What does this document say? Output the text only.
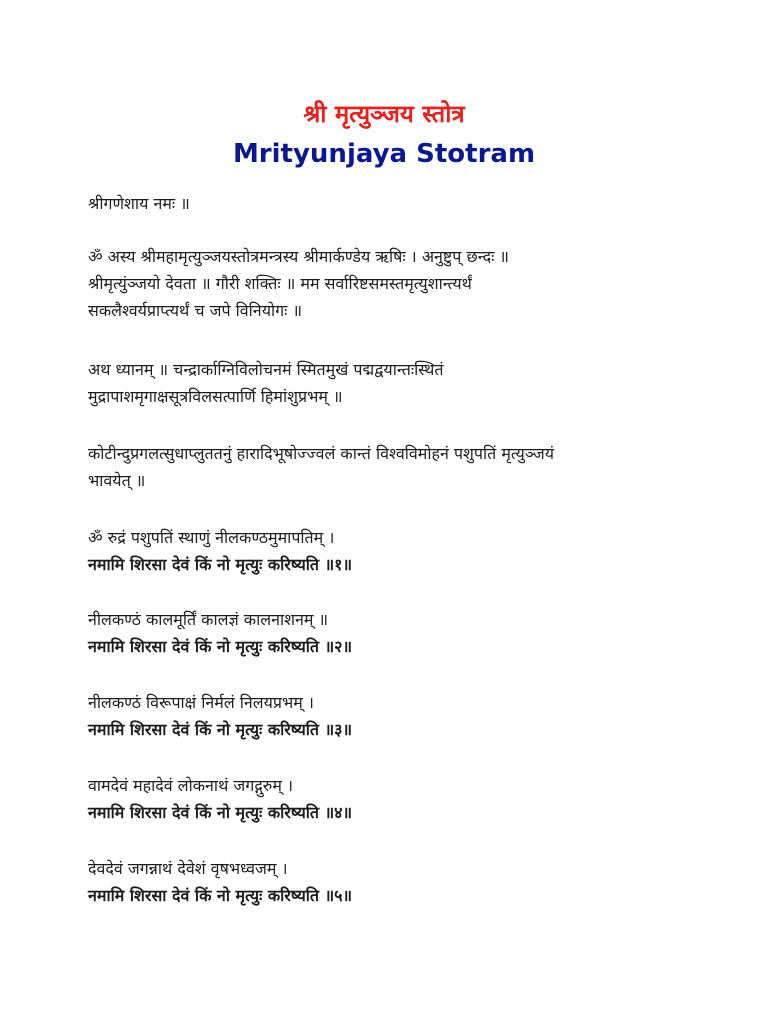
श्री मृत्युञ्जय स्तोत्र
Mrityunjaya Stotram

श्रीगणेशाय नमः ॥

ॐ अस्य श्रीमहामृत्युञ्जयस्तोत्रमन्त्रस्य श्रीमार्कण्डेय ऋषिः । अनुष्टुप् छन्दः ॥
श्रीमृत्युंञ्जयो देवता ॥ गौरी शक्तिः ॥ मम सर्वारिष्टसमस्तमृत्युशान्त्यर्थं
सकलैश्वर्यप्राप्त्यर्थं च जपे विनियोगः ॥

अथ ध्यानम् ॥ चन्द्रार्काग्निविलोचनमं स्मितमुखं पद्मद्वयान्तःस्थितं
मुद्रापाशमृगाक्षसूत्रविलसत्पार्णि हिमांशुप्रभम् ॥

कोटीन्दुप्रगलत्सुधाप्लुततनुं हारादिभूषोज्ज्वलं कान्तं विश्वविमोहनं पशुपतिं मृत्युञ्जयं
भावयेत् ॥

ॐ रुद्रं पशुपतिं स्थाणुं नीलकण्ठमुमापतिम् ।
नमामि शिरसा देवं किं नो मृत्युः करिष्यति ॥१॥

नीलकण्ठं कालमूर्तिं कालज्ञं कालनाशनम् ॥
नमामि शिरसा देवं किं नो मृत्युः करिष्यति ॥२॥

नीलकण्ठं विरूपाक्षं निर्मलं निलयप्रभम् ।
नमामि शिरसा देवं किं नो मृत्युः करिष्यति ॥३॥

वामदेवं महादेवं लोकनाथं जगद्गुरुम् ।
नमामि शिरसा देवं किं नो मृत्युः करिष्यति ॥४॥

देवदेवं जगन्नाथं देवेशं वृषभध्वजम् ।
नमामि शिरसा देवं किं नो मृत्युः करिष्यति ॥५॥
